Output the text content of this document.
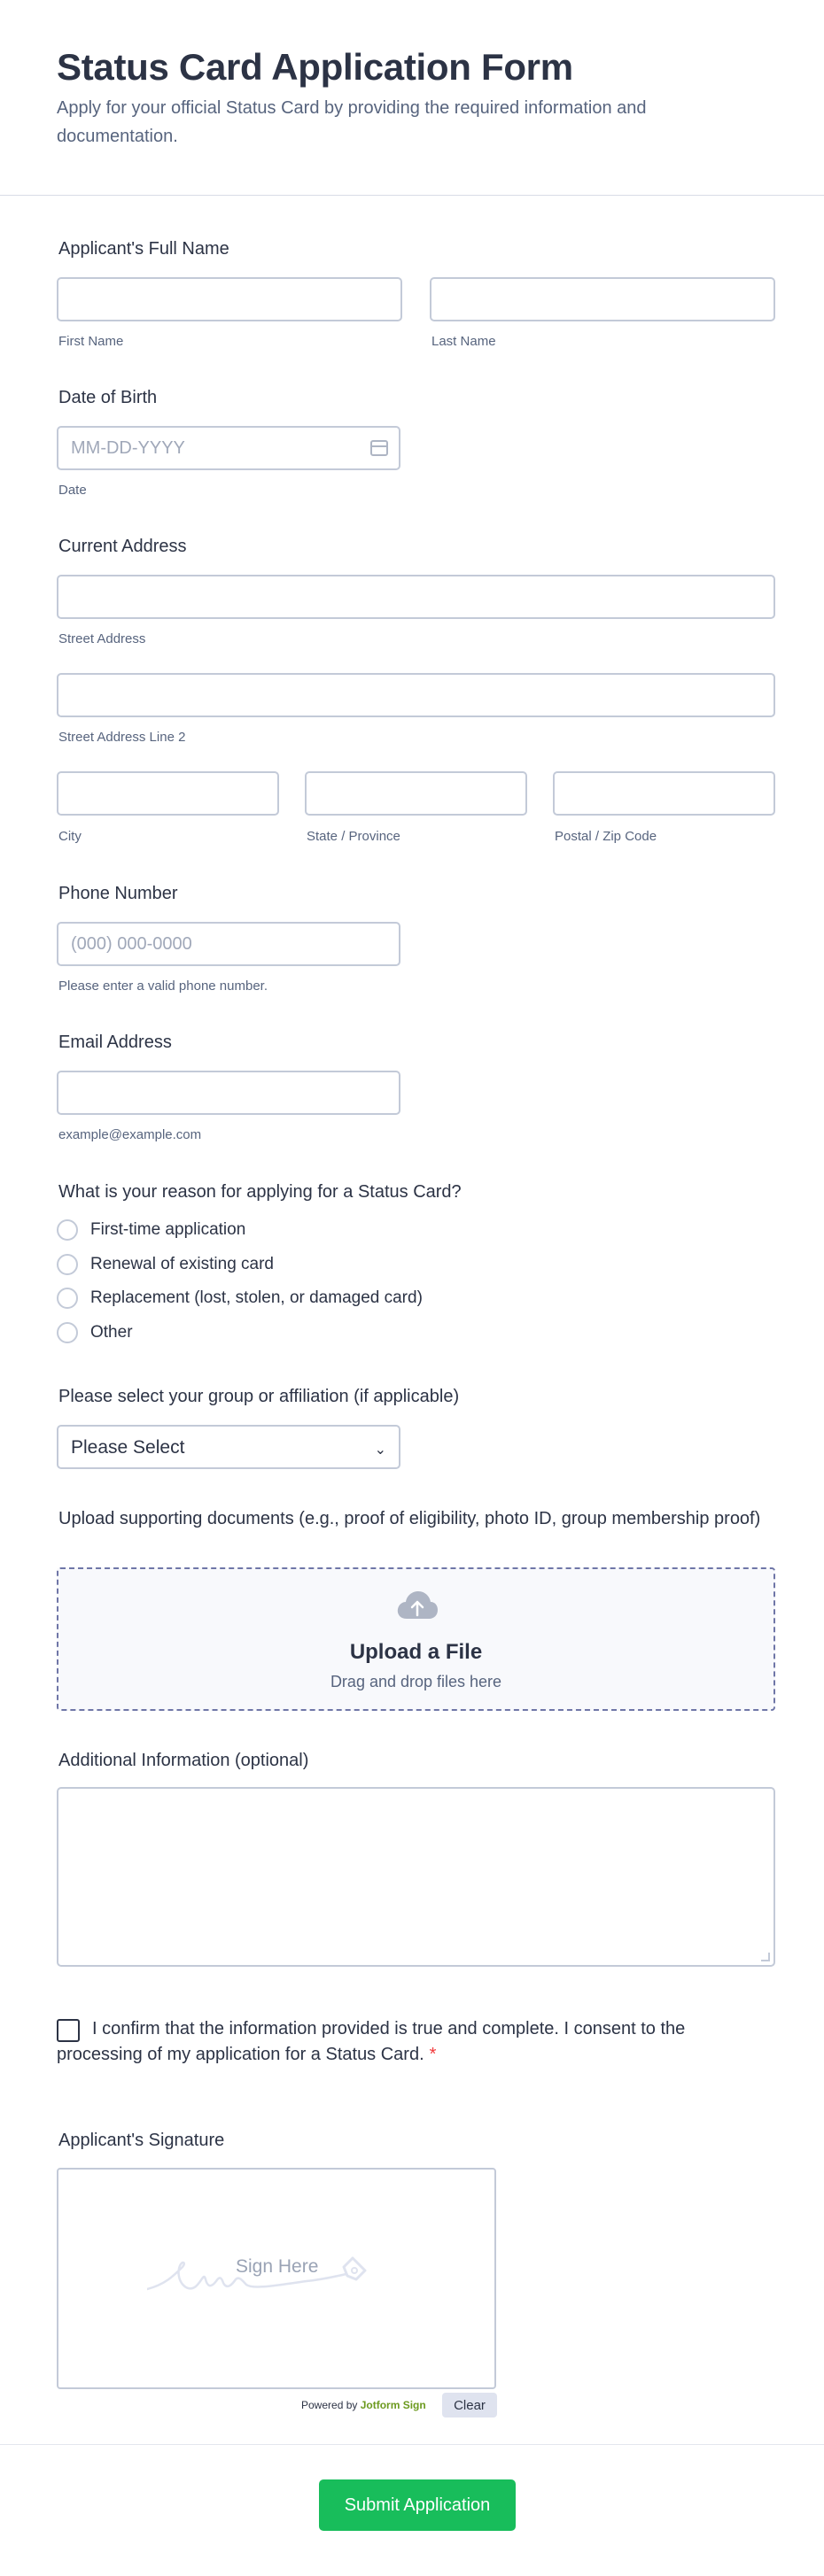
Status Card Application Form

Apply for your official Status Card by providing the required information and documentation.

Applicant's Full Name
First Name	Last Name
Date of Birth
MM-DD-YYYY
Date
Current Address
Street Address
Street Address Line 2
City	State / Province	Postal / Zip Code
Phone Number
(000) 000-0000
Please enter a valid phone number.
Email Address
example@example.com
What is your reason for applying for a Status Card?
First-time application
Renewal of existing card
Replacement (lost, stolen, or damaged card)
Other
Please select your group or affiliation (if applicable)
Please Select	⌄
Upload supporting documents (e.g., proof of eligibility, photo ID, group membership proof)
Upload a File
Drag and drop files here
Additional Information (optional)
I confirm that the information provided is true and complete. I consent to the processing of my application for a Status Card. *
Applicant's Signature
Sign Here
Powered by Jotform Sign	Clear
Submit Application
